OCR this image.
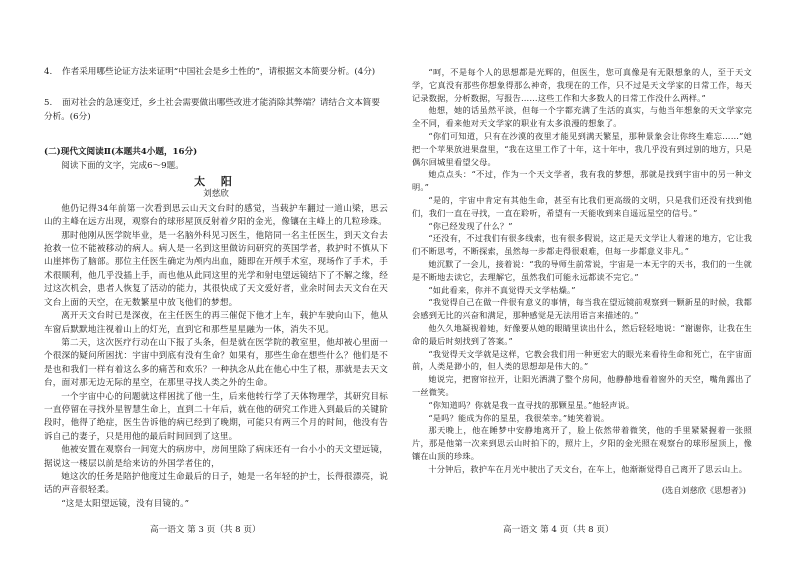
4. 作者采用哪些论证方法来证明“中国社会是乡土性的”，请根据文本简要分析。(4分)
5. 面对社会的急速变迁，乡土社会需要做出哪些改进才能消除其弊端？请结合文本简要分析。(6分)
(二)现代文阅读Ⅱ(本题共4小题，16分)
阅读下面的文字，完成6～9题。
太 阳
刘慈欣

他仍记得34年前第一次看到思云山天文台时的感觉，当载护车翻过一道山梁，思云山的主峰在远方出现，观察台的球形屋顶反射着夕阳的金光，像镶在主峰上的几粒珍珠。

那时他刚从医学院毕业，是一名脑外科见习医生，他陪同一名主任医生，到天文台去抢救一位不能被移动的病人。病人是一名到这里做访问研究的英国学者，救护时不慎从下山崖摔伤了脑部。那位主任医生确定为颅内出血，随即在开颅手术室，现场作了手术，手术很顺利，他几乎没插上手，而也他从此同这里的光学和射电望远镜结下了不解之缘，经过这次机会，患者人恢复了活动的能力，其很快成了天文爱好者，业余时间去天文台在天文台上面的天空，在无数繁星中放飞他们的梦想。

离开天文台时已是深夜，在主任医生的再三催促下他才上车，载护车驶向山下，他从车窗后默默地注视着山上的灯光，直到它和那些星星融为一体，消失不见。

第二天，这次医疗行动在山下报了头条，但是就在医学院的教室里，他却被心里面一个很深的疑问所困扰：宇宙中到底有没有生命？如果有，那些生命在想些什么？他们是不是也和我们一样有着这么多的痛苦和欢乐？一种执念从此在他心中生了根，那就是去天文台，面对那无边无际的星空，在那里寻找人类之外的生命。

一个宇宙中心的问题就这样困扰了他一生，后来他转行学了天体物理学，其研究目标一直停留在寻找外星智慧生命上，直到二十年后，就在他的研究工作进入到最后的关键阶段时，他得了绝症，医生告诉他的病已经到了晚期，可能只有两三个月的时间，他没有告诉自己的妻子，只是用他的最后时间回到了这里。

他被安置在观察台一间宽大的病房中，房间里除了病床还有一台小小的天文望远镜，据说这一楼层以前是给来访的外国学者住的，

她这次的任务是陪护他度过生命最后的日子，她是一名年轻的护士，长得很漂亮，说话的声音很轻柔。

“这是太阳望远镜，没有目镜的。”

“呵，不是每个人的思想都是光辉的，但医生，您可真像是有无限想象的人，至于天文学，它真没有那些你想象得那么神奇，我现在的工作，只不过是天文学家的日常工作，每天记录数据，分析数据，写报告……这些工作和大多数人的日常工作没什么两样。”

他想，她的话虽然平淡，但每一个字都充满了生活的真实，与他当年想象的天文学家完全不同，看来他对天文学家的职业有太多浪漫的想象了。

“你们可知道，只有在沙漠的夜里才能见到满天繁星，那种景象会让你终生难忘……”她把一个苹果放进果盘里，“我在这里工作了十年，这十年中，我几乎没有到过别的地方，只是偶尔回城里看望父母。

她点点头：“不过，作为一个天文学者，我有我的梦想，那就是找到宇宙中的另一种文明。”

“是的，宇宙中肯定有其他生命，甚至有比我们更高级的文明，只是我们还没有找到他们，我们一直在寻找，一直在聆听，希望有一天能收到来自遥远星空的信号。”

“你已经发现了什么？”

“还没有，不过我们有很多线索，也有很多假说，这正是天文学让人着迷的地方，它让我们不断思考，不断探索，虽然每一步都走得很艰难，但每一步都意义非凡。”

她沉默了一会儿，接着说：“我的导师生前常说，宇宙是一本无字的天书，我们的一生就是不断地去读它，去理解它，虽然我们可能永远都读不完它。”

“如此看来，你并不真觉得天文学枯燥。”

“我觉得自己在做一件很有意义的事情，每当我在望远镜前观察到一颗新星的时候，我都会感到无比的兴奋和满足，那种感觉是无法用语言来描述的。”

他久久地凝视着她，好像要从她的眼睛里读出什么，然后轻轻地说：“谢谢你，让我在生命的最后时刻找到了答案。”

“我觉得天文学就是这样，它教会我们用一种更宏大的眼光来看待生命和死亡，在宇宙面前，人类是渺小的，但人类的思想却是伟大的。”

她说完，把窗帘拉开，让阳光洒满了整个房间，他静静地看着窗外的天空，嘴角露出了一丝微笑。

“你知道吗？你就是我一直寻找的那颗星星。”他轻声说。

“是吗？能成为你的星星，我很荣幸。”她笑着说。

那天晚上，他在睡梦中安静地离开了，脸上依然带着微笑，他的手里紧紧握着一张照片，那是他第一次来到思云山时拍下的，照片上，夕阳的金光照在观察台的球形屋顶上，像镶在山顶的珍珠。

十分钟后，救护车在月光中驶出了天文台，在车上，他渐渐觉得自己离开了思云山上。

(选自刘慈欣《思想者》)
高一语文 第 3 页（共 8 页）	高一语文 第 4 页（共 8 页）
